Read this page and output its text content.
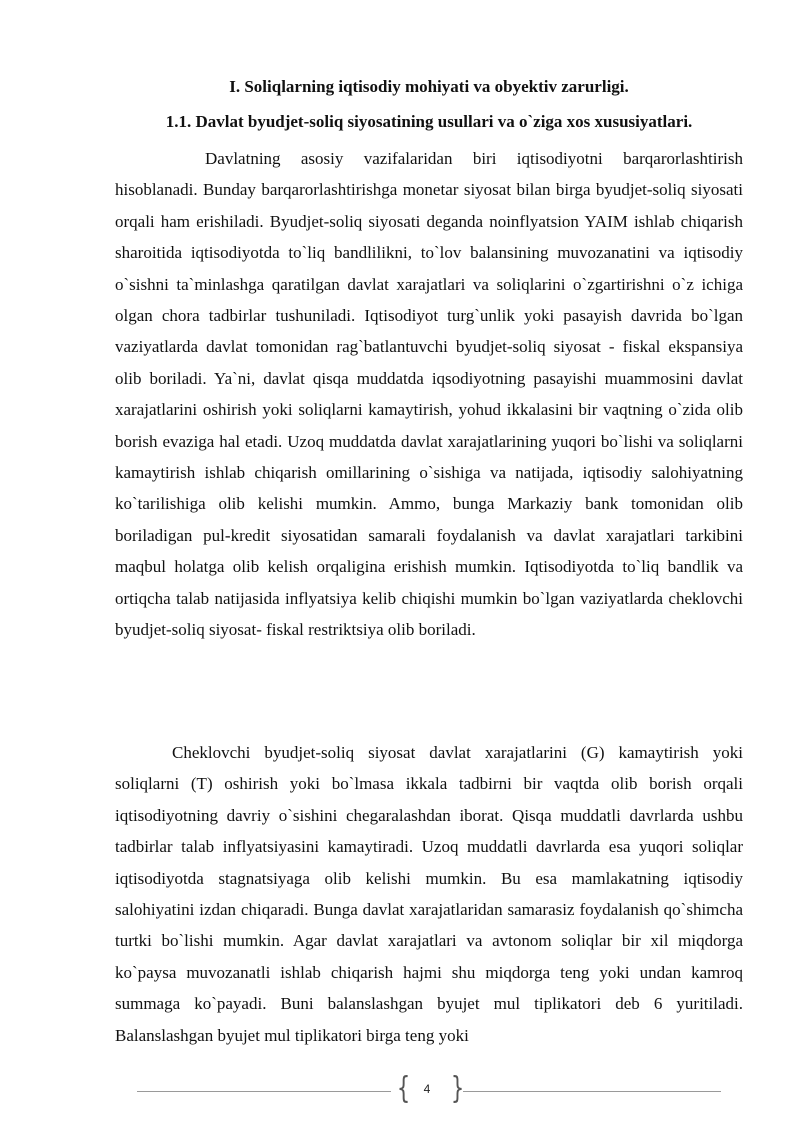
I. Soliqlarning iqtisodiy mohiyati va obyektiv zarurligi.
1.1. Davlat byudjet-soliq siyosatining usullari va o`ziga xos xususiyatlari.

Davlatning asosiy vazifalaridan biri iqtisodiyotni barqarorlashtirish hisoblanadi. Bunday barqarorlashtirishga monetar siyosat bilan birga byudjet-soliq siyosati orqali ham erishiladi. Byudjet-soliq siyosati deganda noinflyatsion YAIM ishlab chiqarish sharoitida iqtisodiyotda to`liq bandlilikni, to`lov balansining muvozanatini va iqtisodiy o`sishni ta`minlashga qaratilgan davlat xarajatlari va soliqlarini o`zgartirishni o`z ichiga olgan chora tadbirlar tushuniladi. Iqtisodiyot turg`unlik yoki pasayish davrida bo`lgan vaziyatlarda davlat tomonidan rag`batlantuvchi byudjet-soliq siyosat - fiskal ekspansiya olib boriladi. Ya`ni, davlat qisqa muddatda iqsodiyotning pasayishi muammosini davlat xarajatlarini oshirish yoki soliqlarni kamaytirish, yohud ikkalasini bir vaqtning o`zida olib borish evaziga hal etadi. Uzoq muddatda davlat xarajatlarining yuqori bo`lishi va soliqlarni kamaytirish ishlab chiqarish omillarining o`sishiga va natijada, iqtisodiy salohiyatning ko`tarilishiga olib kelishi mumkin. Ammo, bunga Markaziy bank tomonidan olib boriladigan pul-kredit siyosatidan samarali foydalanish va davlat xarajatlari tarkibini maqbul holatga olib kelish orqaligina erishish mumkin. Iqtisodiyotda to`liq bandlik va ortiqcha talab natijasida inflyatsiya kelib chiqishi mumkin bo`lgan vaziyatlarda cheklovchi byudjet-soliq siyosat- fiskal restriktsiya olib boriladi.

Cheklovchi byudjet-soliq siyosat davlat xarajatlarini (G) kamaytirish yoki soliqlarni (T) oshirish yoki bo`lmasa ikkala tadbirni bir vaqtda olib borish orqali iqtisodiyotning davriy o`sishini chegaralashdan iborat. Qisqa muddatli davrlarda ushbu tadbirlar talab inflyatsiyasini kamaytiradi. Uzoq muddatli davrlarda esa yuqori soliqlar iqtisodiyotda stagnatsiyaga olib kelishi mumkin. Bu esa mamlakatning iqtisodiy salohiyatini izdan chiqaradi. Bunga davlat xarajatlaridan samarasiz foydalanish qo`shimcha turtki bo`lishi mumkin. Agar davlat xarajatlari va avtonom soliqlar bir xil miqdorga ko`paysa muvozanatli ishlab chiqarish hajmi shu miqdorga teng yoki undan kamroq summaga ko`payadi. Buni balanslashgan byujet mul tiplikatori deb 6 yuritiladi. Balanslashgan byujet mul tiplikatori birga teng yoki

{	4 }
